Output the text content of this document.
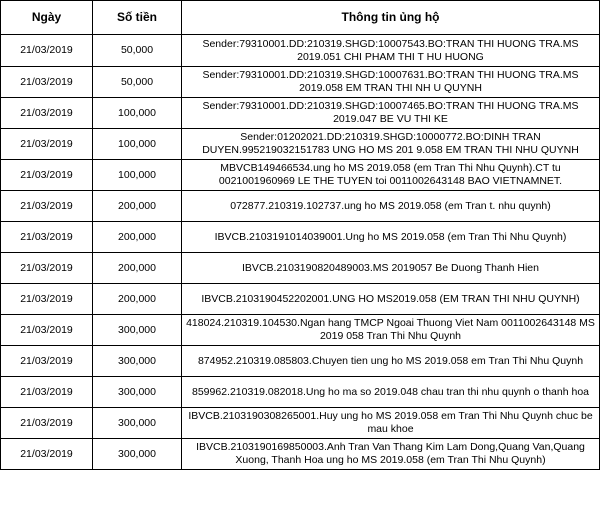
Ngày	Số tiền	Thông tin ủng hộ
21/03/2019	50,000	Sender:79310001.DD:210319.SHGD:10007543.BO:TRAN THI HUONG TRA.MS 2019.051 CHI PHAM THI T HU HUONG
21/03/2019	50,000	Sender:79310001.DD:210319.SHGD:10007631.BO:TRAN THI HUONG TRA.MS 2019.058 EM TRAN THI NH U QUYNH
21/03/2019	100,000	Sender:79310001.DD:210319.SHGD:10007465.BO:TRAN THI HUONG TRA.MS 2019.047 BE VU THI KE
21/03/2019	100,000	Sender:01202021.DD:210319.SHGD:10000772.BO:DINH TRAN DUYEN.995219032151783 UNG HO MS 201 9.058 EM TRAN THI NHU QUYNH
21/03/2019	100,000	MBVCB149466534.ung ho MS 2019.058 (em Tran Thi Nhu Quynh).CT tu 0021001960969 LE THE TUYEN toi 0011002643148 BAO VIETNAMNET.
21/03/2019	200,000	072877.210319.102737.ung ho MS 2019.058 (em Tran t. nhu quynh)
21/03/2019	200,000	IBVCB.2103191014039001.Ung ho MS 2019.058 (em Tran Thi Nhu Quynh)
21/03/2019	200,000	IBVCB.2103190820489003.MS 2019057 Be Duong Thanh Hien
21/03/2019	200,000	IBVCB.2103190452202001.UNG HO MS2019.058 (EM TRAN THI NHU QUYNH)
21/03/2019	300,000	418024.210319.104530.Ngan hang TMCP Ngoai Thuong Viet Nam 0011002643148 MS 2019 058 Tran Thi Nhu Quynh
21/03/2019	300,000	874952.210319.085803.Chuyen tien ung ho MS 2019.058 em Tran Thi Nhu Quynh
21/03/2019	300,000	859962.210319.082018.Ung ho ma so 2019.048 chau tran thi nhu quynh o thanh hoa
21/03/2019	300,000	IBVCB.2103190308265001.Huy ung ho MS 2019.058 em Tran Thi Nhu Quynh chuc be mau khoe
21/03/2019	300,000	IBVCB.2103190169850003.Anh Tran Van Thang Kim Lam Dong,Quang Van,Quang Xuong, Thanh Hoa ung ho MS 2019.058 (em Tran Thi Nhu Quynh)
